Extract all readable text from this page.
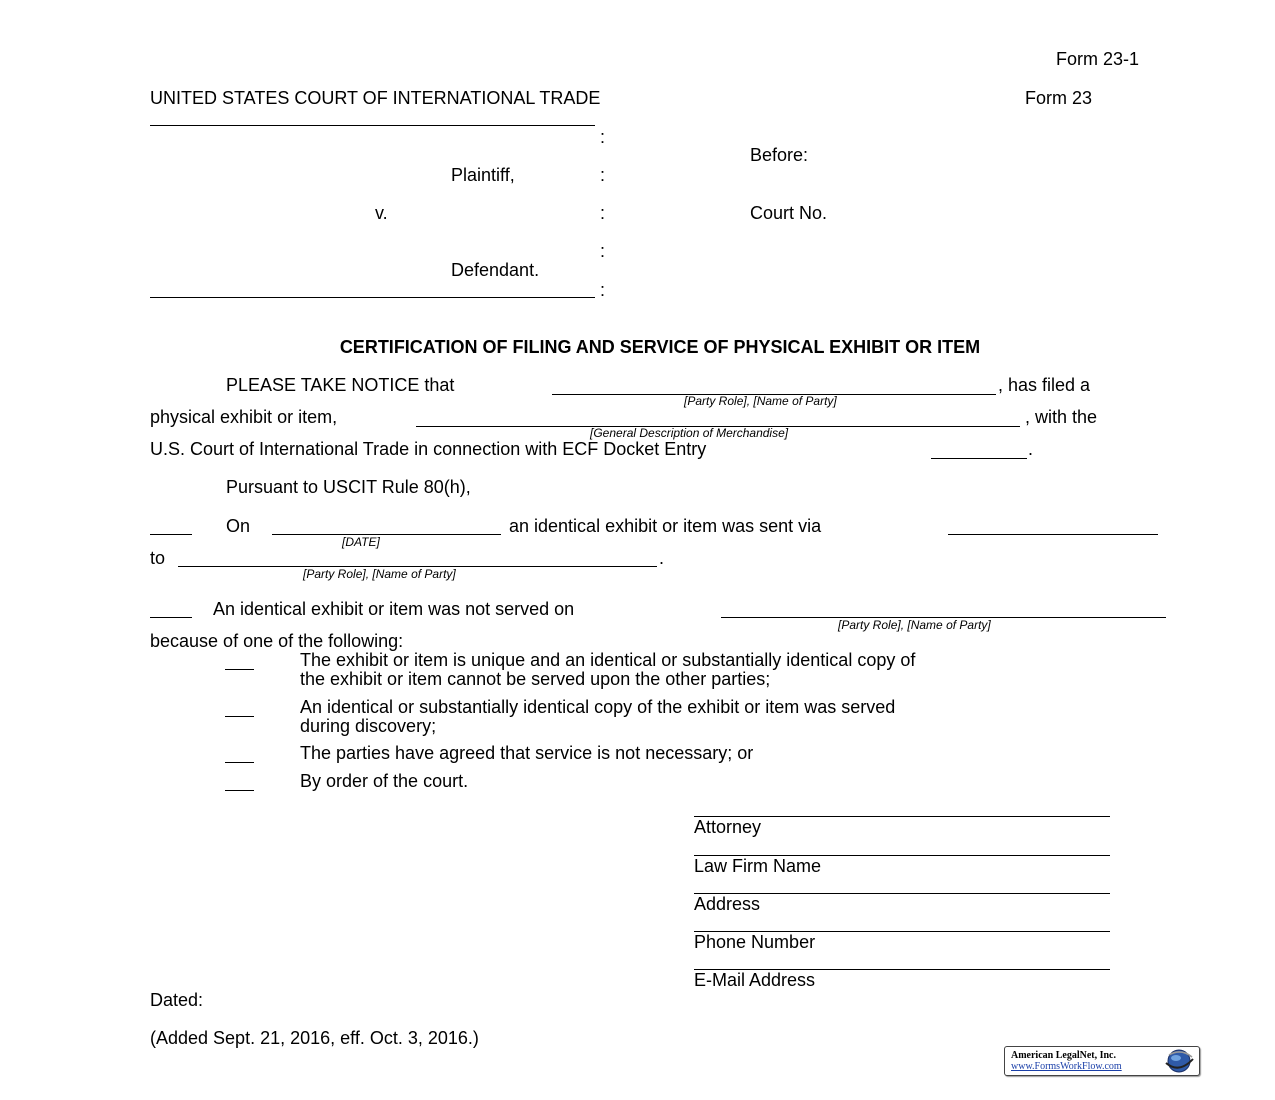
Form 23-1
UNITED STATES COURT OF INTERNATIONAL TRADE	Form 23
:
:
:
:
:
Plaintiff,
v.
Defendant.
Before:
Court No.
CERTIFICATION OF FILING AND SERVICE OF PHYSICAL EXHIBIT OR ITEM
PLEASE TAKE NOTICE that	, has filed a
[Party Role], [Name of Party]
physical exhibit or item,	, with the
[General Description of Merchandise]
U.S. Court of International Trade in connection with ECF Docket Entry	.
Pursuant to USCIT Rule 80(h),
On
[DATE]
an identical exhibit or item was sent via
to	.
[Party Role], [Name of Party]
An identical exhibit or item was not served on
[Party Role], [Name of Party]
because of one of the following:
The exhibit or item is unique and an identical or substantially identical copy of
the exhibit or item cannot be served upon the other parties;
An identical or substantially identical copy of the exhibit or item was served
during discovery;
The parties have agreed that service is not necessary; or
By order of the court.
Attorney
Law Firm Name
Address
Phone Number
E-Mail Address
Dated:
(Added Sept. 21, 2016, eff. Oct. 3, 2016.)
American LegalNet, Inc.
www.FormsWorkFlow.com
